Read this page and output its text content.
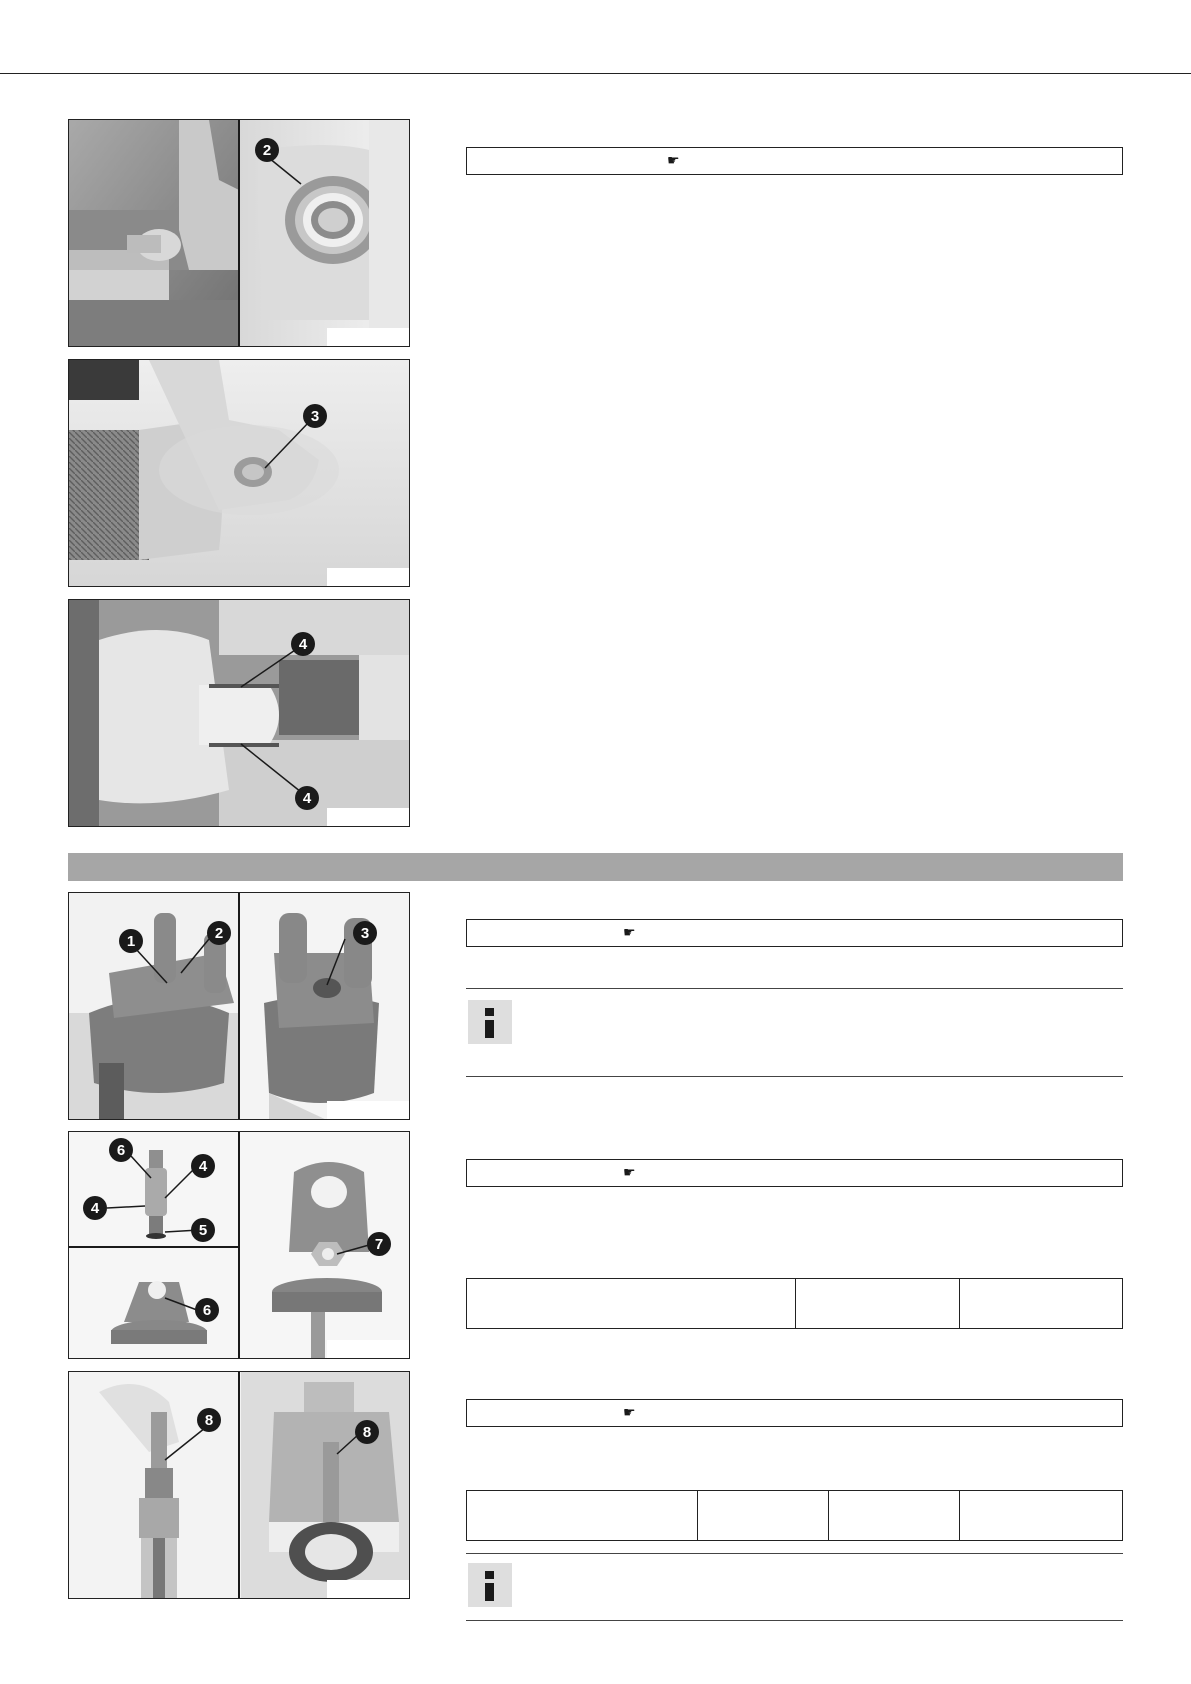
2
3
4
4
☛
1	2	3
6
4
4
5
6
7
8
8
☛
☛
☛
